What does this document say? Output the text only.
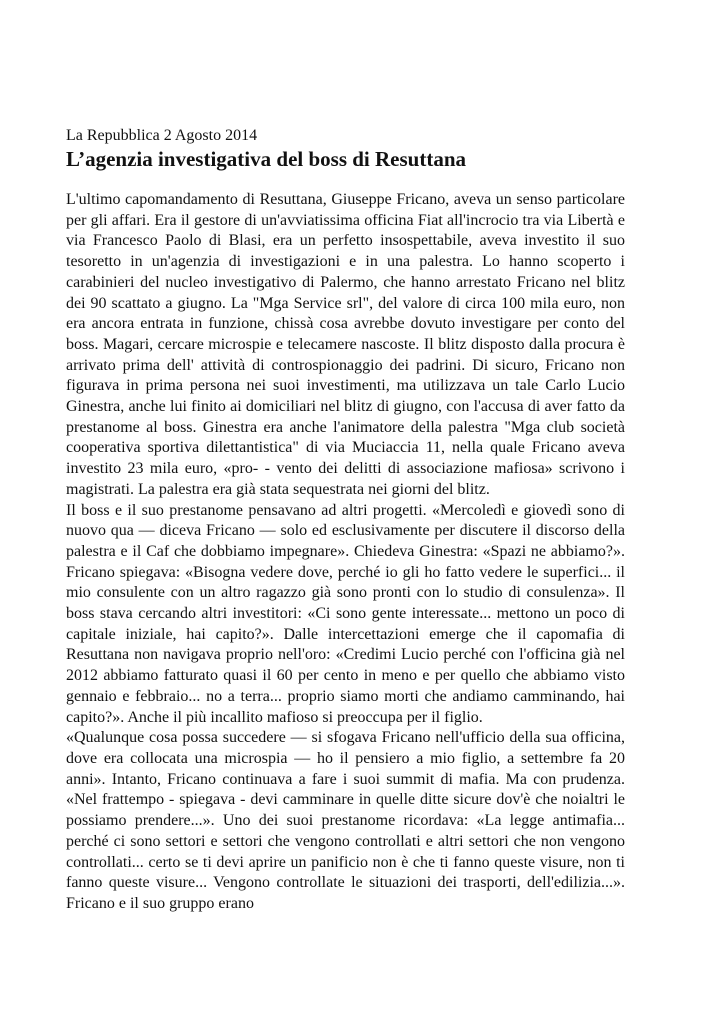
La Repubblica 2 Agosto 2014

L’agenzia investigativa del boss di Resuttana

L'ultimo capomandamento di Resuttana, Giuseppe Fricano, aveva un senso particolare per gli affari. Era il gestore di un'avviatissima officina Fiat all'incrocio tra via Libertà e via Francesco Paolo di Blasi, era un perfetto insospettabile, aveva investito il suo tesoretto in un'agenzia di investigazioni e in una palestra. Lo hanno scoperto i carabinieri del nucleo investigativo di Palermo, che hanno arrestato Fricano nel blitz dei 90 scattato a giugno. La "Mga Service srl", del valore di circa 100 mila euro, non era ancora entrata in funzione, chissà cosa avrebbe dovuto investigare per conto del boss. Magari, cercare microspie e telecamere nascoste. Il blitz disposto dalla procura è arrivato prima dell' attività di controspionaggio dei padrini. Di sicuro, Fricano non figurava in prima persona nei suoi investimenti, ma utilizzava un tale Carlo Lucio Ginestra, anche lui finito ai domiciliari nel blitz di giugno, con l'accusa di aver fatto da prestanome al boss. Ginestra era anche l'animatore della palestra "Mga club società cooperativa sportiva dilettantistica" di via Muciaccia 11, nella quale Fricano aveva investito 23 mila euro, «pro- - vento dei delitti di associazione mafiosa» scrivono i magistrati. La palestra era già stata sequestrata nei giorni del blitz.

Il boss e il suo prestanome pensavano ad altri progetti. «Mercoledì e giovedì sono di nuovo qua — diceva Fricano — solo ed esclusivamente per discutere il discorso della palestra e il Caf che dobbiamo impegnare». Chiedeva Ginestra: «Spazi ne abbiamo?». Fricano spiegava: «Bisogna vedere dove, perché io gli ho fatto vedere le superfici... il mio consulente con un altro ragazzo già sono pronti con lo studio di consulenza». Il boss stava cercando altri investitori: «Ci sono gente interessate... mettono un poco di capitale iniziale, hai capito?». Dalle intercettazioni emerge che il capomafia di Resuttana non navigava proprio nell'oro: «Credimi Lucio perché con l'officina già nel 2012 abbiamo fatturato quasi il 60 per cento in meno e per quello che abbiamo visto gennaio e febbraio... no a terra... proprio siamo morti che andiamo camminando, hai capito?». Anche il più incallito mafioso si preoccupa per il figlio.

«Qualunque cosa possa succedere — si sfogava Fricano nell'ufficio della sua officina, dove era collocata una microspia — ho il pensiero a mio figlio, a settembre fa 20 anni». Intanto, Fricano continuava a fare i suoi summit di mafia. Ma con prudenza. «Nel frattempo - spiegava - devi camminare in quelle ditte sicure dov'è che noialtri le possiamo prendere...». Uno dei suoi prestanome ricordava: «La legge antimafia... perché ci sono settori e settori che vengono controllati e altri settori che non vengono controllati... certo se ti devi aprire un panificio non è che ti fanno queste visure, non ti fanno queste visure... Vengono controllate le situazioni dei trasporti, dell'edilizia...». Fricano e il suo gruppo erano
